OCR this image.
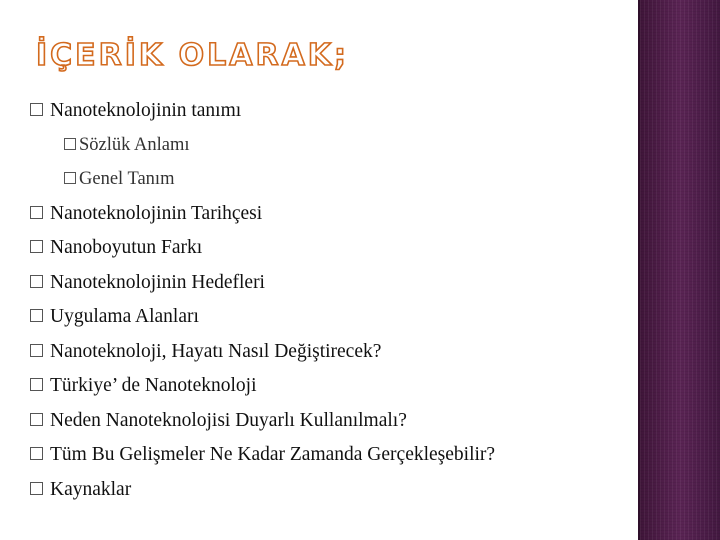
İÇERİK OLARAK;
Nanoteknolojinin tanımı
Sözlük Anlamı
Genel Tanım
Nanoteknolojinin Tarihçesi
Nanoboyutun Farkı
Nanoteknolojinin Hedefleri
Uygulama Alanları
Nanoteknoloji, Hayatı Nasıl Değiştirecek?
Türkiye’ de Nanoteknoloji
Neden Nanoteknolojisi Duyarlı Kullanılmalı?
Tüm Bu Gelişmeler Ne Kadar Zamanda Gerçekleşebilir?
Kaynaklar
